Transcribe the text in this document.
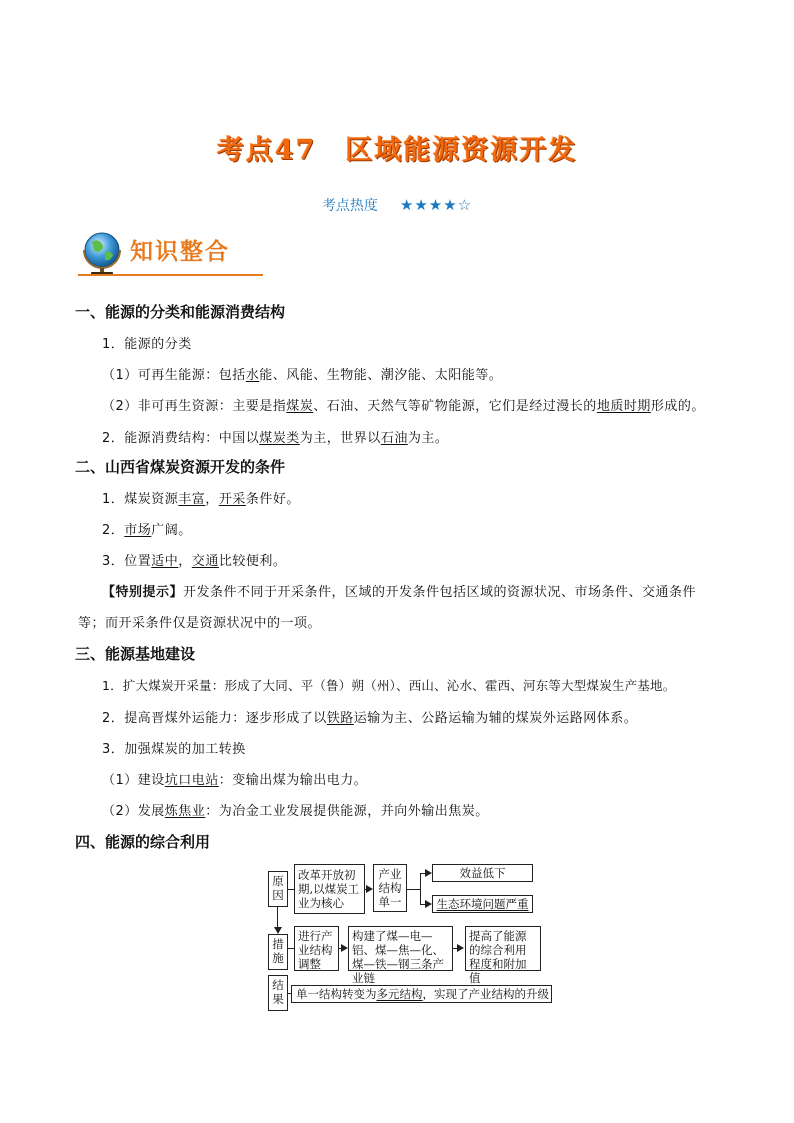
考点47　区域能源资源开发
考点热度 ★★★★☆
知识整合
一、能源的分类和能源消费结构
1．能源的分类
（1）可再生能源：包括水能、风能、生物能、潮汐能、太阳能等。
（2）非可再生资源：主要是指煤炭、石油、天然气等矿物能源，它们是经过漫长的地质时期形成的。
2．能源消费结构：中国以煤炭类为主，世界以石油为主。
二、山西省煤炭资源开发的条件
1．煤炭资源丰富，开采条件好。
2．市场广阔。
3．位置适中，交通比较便利。
【特别提示】开发条件不同于开采条件，区域的开发条件包括区域的资源状况、市场条件、交通条件
等；而开采条件仅是资源状况中的一项。
三、能源基地建设
1．扩大煤炭开采量：形成了大同、平（鲁）朔（州）、西山、沁水、霍西、河东等大型煤炭生产基地。
2．提高晋煤外运能力：逐步形成了以铁路运输为主、公路运输为辅的煤炭外运路网体系。
3．加强煤炭的加工转换
（1）建设坑口电站：变输出煤为输出电力。
（2）发展炼焦业：为冶金工业发展提供能源，并向外输出焦炭。
四、能源的综合利用
原因
措施
结果
改革开放初期,以煤炭工业为核心
产业结构单一
效益低下
生态环境问题严重
进行产业结构调整
构建了煤—电—铝、煤—焦—化、煤—铁—钢三条产业链
提高了能源的综合利用程度和附加值
单一结构转变为多元结构，实现了产业结构的升级
